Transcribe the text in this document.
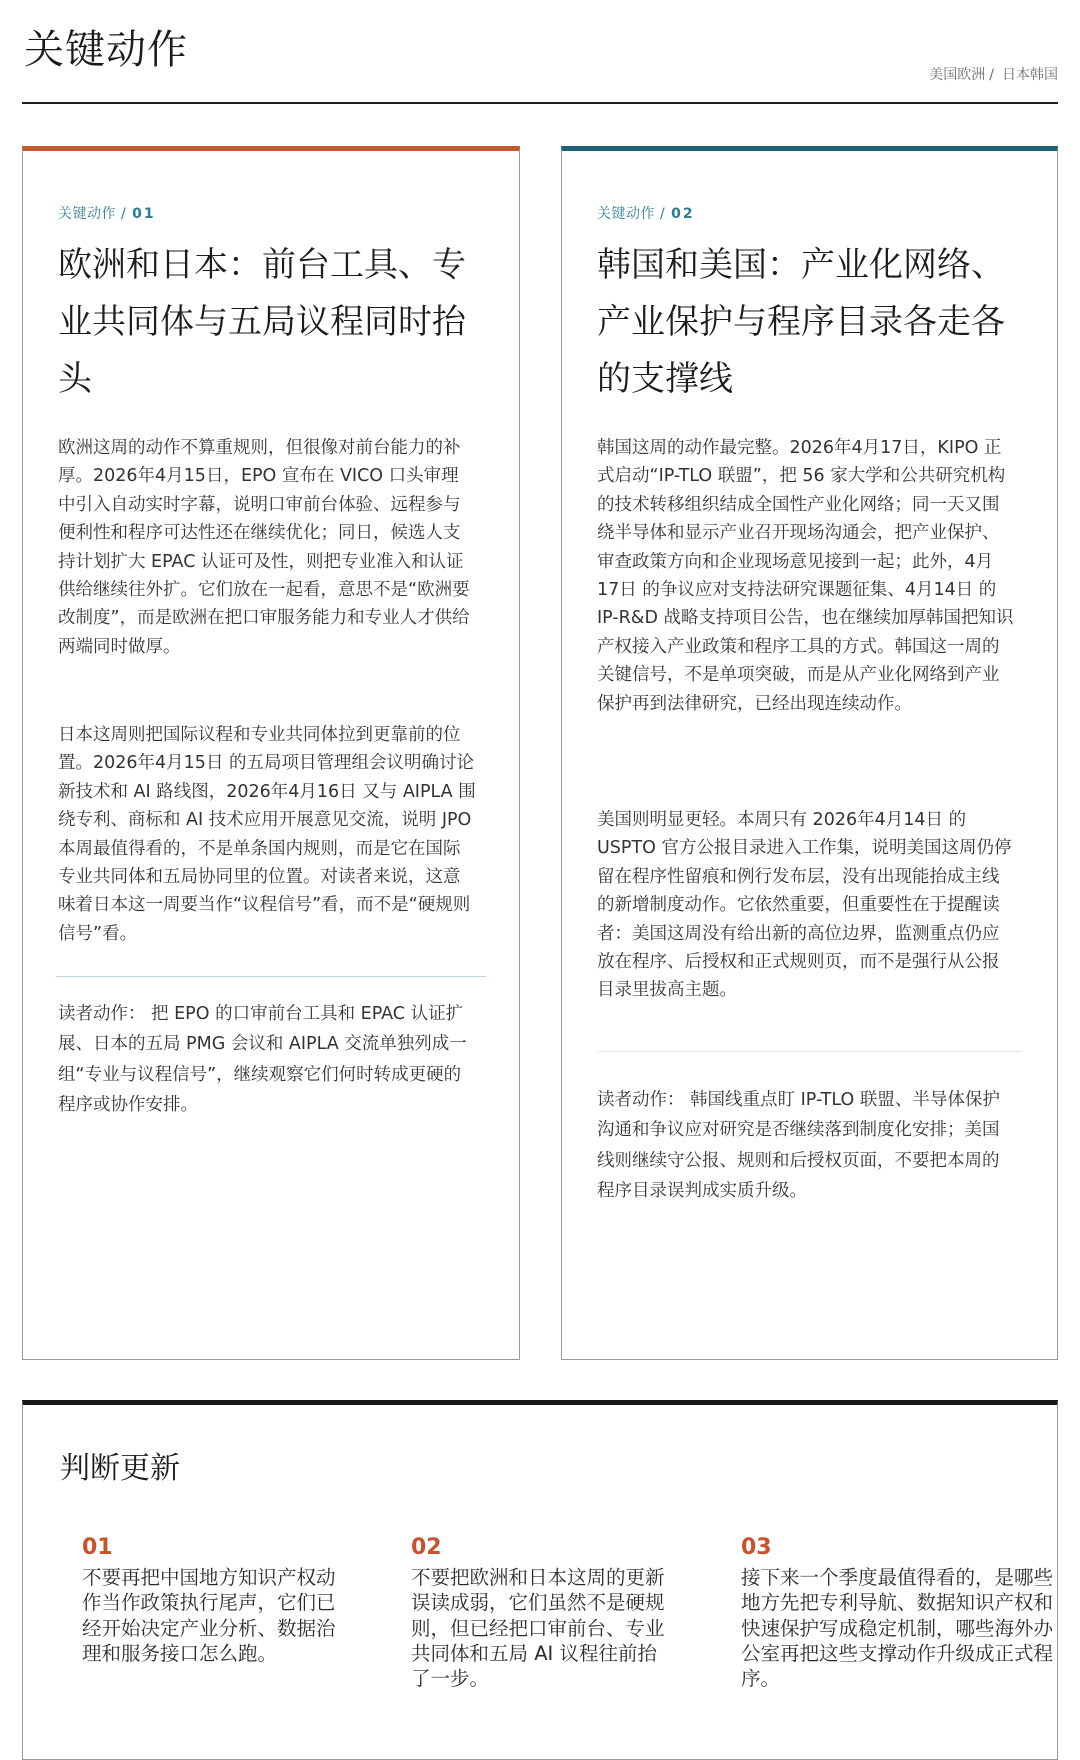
关键动作
美国欧洲 / 日本韩国
关键动作 / 01
欧洲和日本：前台工具、专业共同体与五局议程同时抬头

欧洲这周的动作不算重规则，但很像对前台能力的补厚。2026年4月15日，EPO 宣布在 VICO 口头审理中引入自动实时字幕，说明口审前台体验、远程参与便利性和程序可达性还在继续优化；同日，候选人支持计划扩大 EPAC 认证可及性，则把专业准入和认证供给继续往外扩。它们放在一起看，意思不是“欧洲要改制度”，而是欧洲在把口审服务能力和专业人才供给两端同时做厚。

日本这周则把国际议程和专业共同体拉到更靠前的位置。2026年4月15日 的五局项目管理组会议明确讨论新技术和 AI 路线图，2026年4月16日 又与 AIPLA 围绕专利、商标和 AI 技术应用开展意见交流，说明 JPO 本周最值得看的，不是单条国内规则，而是它在国际专业共同体和五局协同里的位置。对读者来说，这意味着日本这一周要当作“议程信号”看，而不是“硬规则信号”看。

读者动作： 把 EPO 的口审前台工具和 EPAC 认证扩展、日本的五局 PMG 会议和 AIPLA 交流单独列成一组“专业与议程信号”，继续观察它们何时转成更硬的程序或协作安排。

关键动作 / 02
韩国和美国：产业化网络、产业保护与程序目录各走各的支撑线

韩国这周的动作最完整。2026年4月17日，KIPO 正式启动“IP-TLO 联盟”，把 56 家大学和公共研究机构的技术转移组织结成全国性产业化网络；同一天又围绕半导体和显示产业召开现场沟通会，把产业保护、审查政策方向和企业现场意见接到一起；此外，4月17日 的争议应对支持法研究课题征集、4月14日 的 IP-R&D 战略支持项目公告，也在继续加厚韩国把知识产权接入产业政策和程序工具的方式。韩国这一周的关键信号，不是单项突破，而是从产业化网络到产业保护再到法律研究，已经出现连续动作。

美国则明显更轻。本周只有 2026年4月14日 的 USPTO 官方公报目录进入工作集，说明美国这周仍停留在程序性留痕和例行发布层，没有出现能抬成主线的新增制度动作。它依然重要，但重要性在于提醒读者：美国这周没有给出新的高位边界，监测重点仍应放在程序、后授权和正式规则页，而不是强行从公报目录里拔高主题。

读者动作： 韩国线重点盯 IP-TLO 联盟、半导体保护沟通和争议应对研究是否继续落到制度化安排；美国线则继续守公报、规则和后授权页面，不要把本周的程序目录误判成实质升级。

判断更新
01

不要再把中国地方知识产权动作当作政策执行尾声，它们已经开始决定产业分析、数据治理和服务接口怎么跑。

02

不要把欧洲和日本这周的更新误读成弱，它们虽然不是硬规则，但已经把口审前台、专业共同体和五局 AI 议程往前抬了一步。

03

接下来一个季度最值得看的，是哪些地方先把专利导航、数据知识产权和快速保护写成稳定机制，哪些海外办公室再把这些支撑动作升级成正式程序。
